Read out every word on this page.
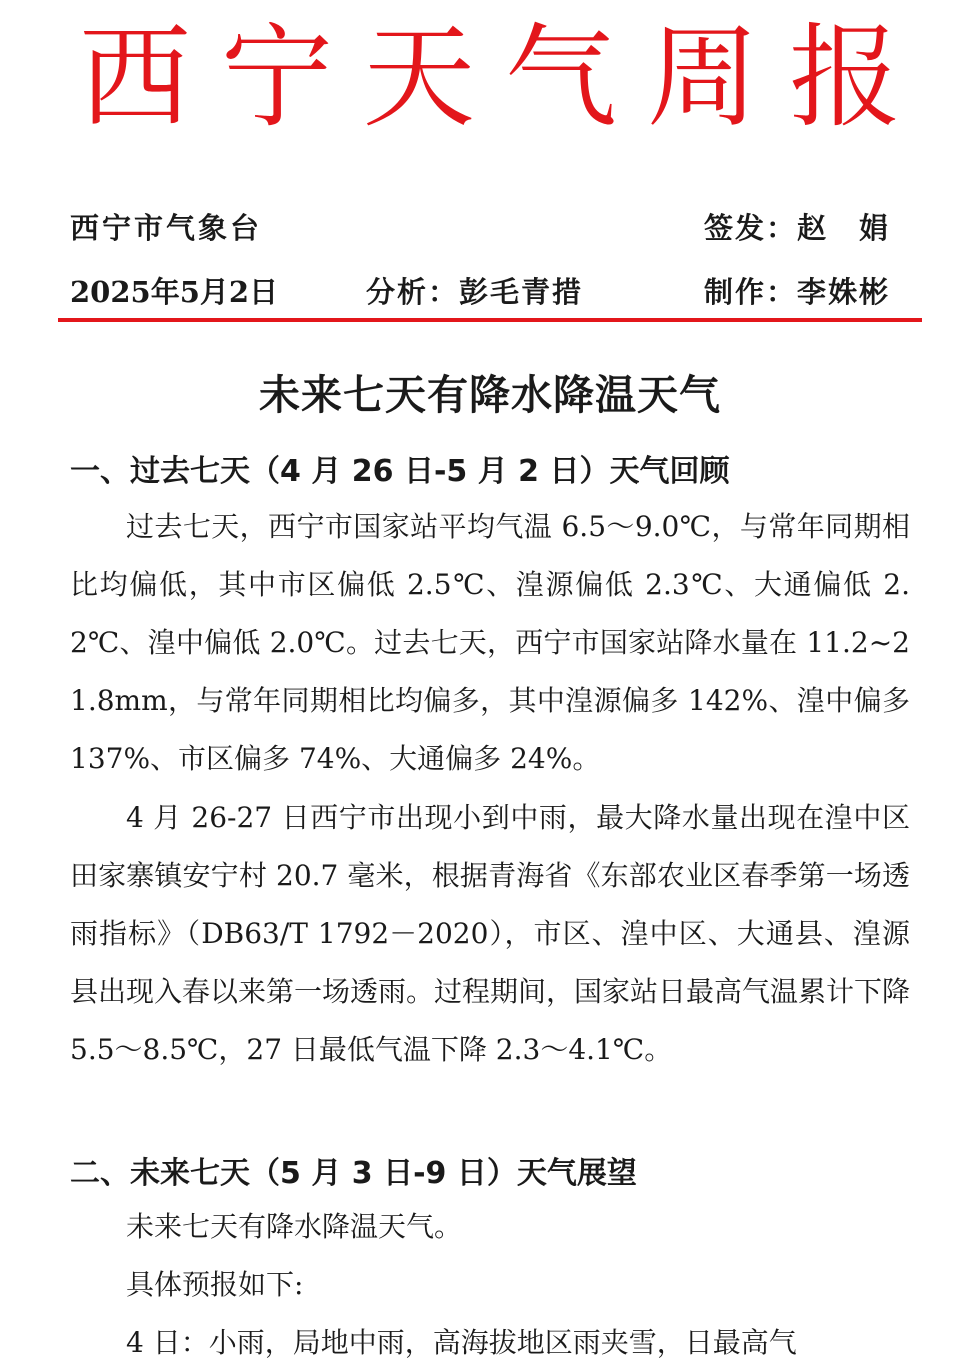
西宁天气周报
西宁市气象台	签发：赵　娟
2025年5月2日	分析：彭毛青措	制作：李姝彬
未来七天有降水降温天气
一、过去七天（4 月 26 日-5 月 2 日）天气回顾
过去七天，西宁市国家站平均气温 6.5～9.0℃，与常年同期相比均偏低，其中市区偏低 2.5℃、湟源偏低 2.3℃、大通偏低 2.2℃、湟中偏低 2.0℃。过去七天，西宁市国家站降水量在 11.2~21.8mm，与常年同期相比均偏多，其中湟源偏多 142%、湟中偏多 137%、市区偏多 74%、大通偏多 24%。
4 月 26-27 日西宁市出现小到中雨，最大降水量出现在湟中区田家寨镇安宁村 20.7 毫米，根据青海省《东部农业区春季第一场透雨指标》（DB63/T 1792－2020），市区、湟中区、大通县、湟源县出现入春以来第一场透雨。过程期间，国家站日最高气温累计下降 5.5～8.5℃，27 日最低气温下降 2.3～4.1℃。
二、未来七天（5 月 3 日-9 日）天气展望
未来七天有降水降温天气。
具体预报如下:
4 日：小雨，局地中雨，高海拔地区雨夹雪，日最高气
